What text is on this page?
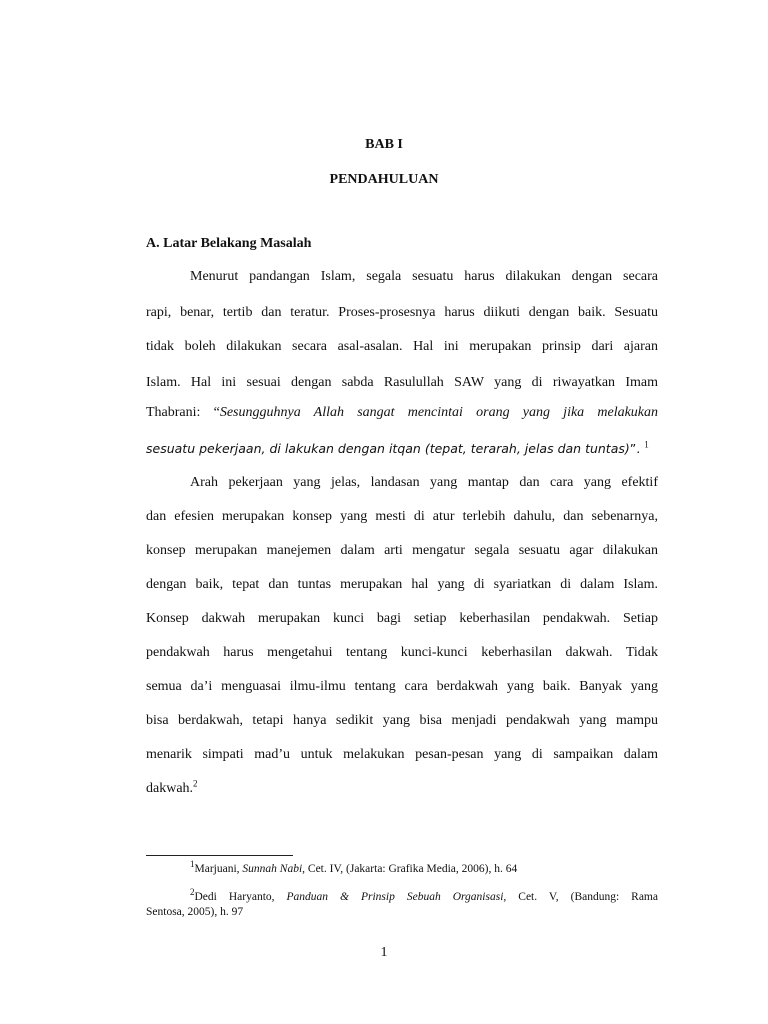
BAB I
PENDAHULUAN
A. Latar Belakang Masalah
Menurut pandangan Islam, segala sesuatu harus dilakukan dengan secara
rapi, benar, tertib dan teratur. Proses-prosesnya harus diikuti dengan baik. Sesuatu
tidak boleh dilakukan secara asal-asalan. Hal ini merupakan prinsip dari ajaran
Islam. Hal ini sesuai dengan sabda Rasulullah SAW yang di riwayatkan Imam
Thabrani: “Sesungguhnya Allah sangat mencintai orang yang jika melakukan
sesuatu pekerjaan, di lakukan dengan itqan (tepat, terarah, jelas dan tuntas)”. $^1$
Arah pekerjaan yang jelas, landasan yang mantap dan cara yang efektif
dan efesien merupakan konsep yang mesti di atur terlebih dahulu, dan sebenarnya,
konsep merupakan manejemen dalam arti mengatur segala sesuatu agar dilakukan
dengan baik, tepat dan tuntas merupakan hal yang di syariatkan di dalam Islam.
Konsep dakwah merupakan kunci bagi setiap keberhasilan pendakwah. Setiap
pendakwah harus mengetahui tentang kunci-kunci keberhasilan dakwah. Tidak
semua da’i menguasai ilmu-ilmu tentang cara berdakwah yang baik. Banyak yang
bisa berdakwah, tetapi hanya sedikit yang bisa menjadi pendakwah yang mampu
menarik simpati mad’u untuk melakukan pesan-pesan yang di sampaikan dalam
dakwah.$^2$
$^1$Marjuani, Sunnah Nabi, Cet. IV, (Jakarta: Grafika Media, 2006), h. 64
$^2$Dedi Haryanto, Panduan & Prinsip Sebuah Organisasi, Cet. V, (Bandung: Rama
Sentosa, 2005), h. 97
1
